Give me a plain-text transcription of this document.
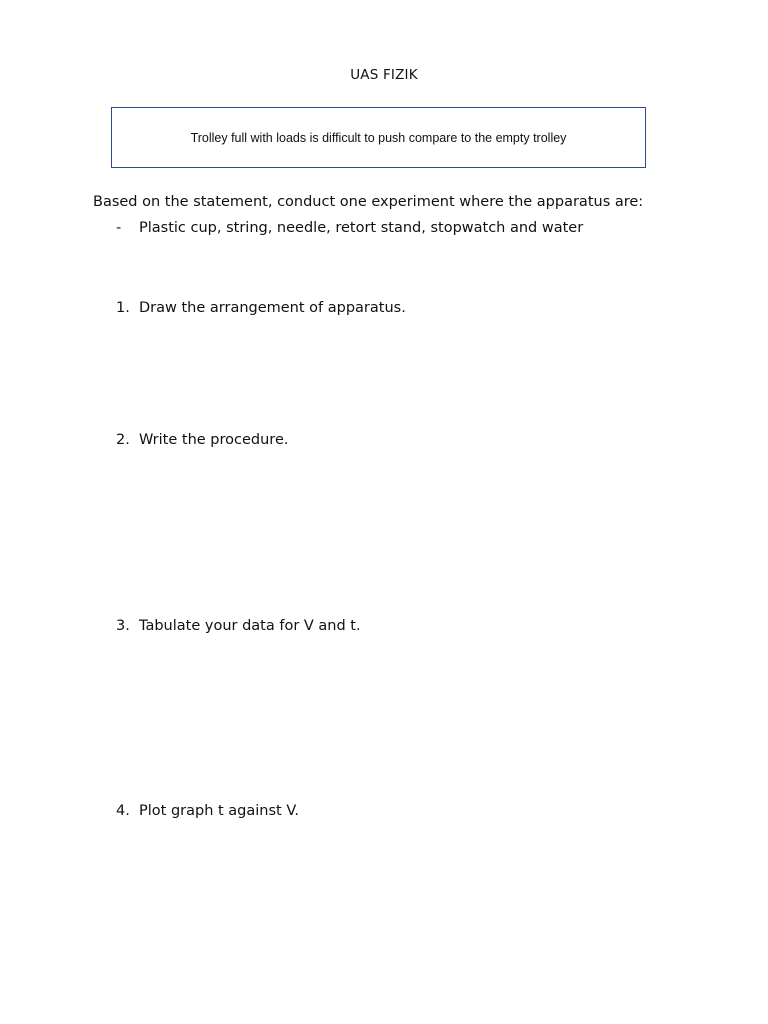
UAS FIZIK
Trolley full with loads is difficult to push compare to the empty trolley
Based on the statement, conduct one experiment where the apparatus are:
- Plastic cup, string, needle, retort stand, stopwatch and water
1. Draw the arrangement of apparatus.
2. Write the procedure.
3. Tabulate your data for V and t.
4. Plot graph t against V.
